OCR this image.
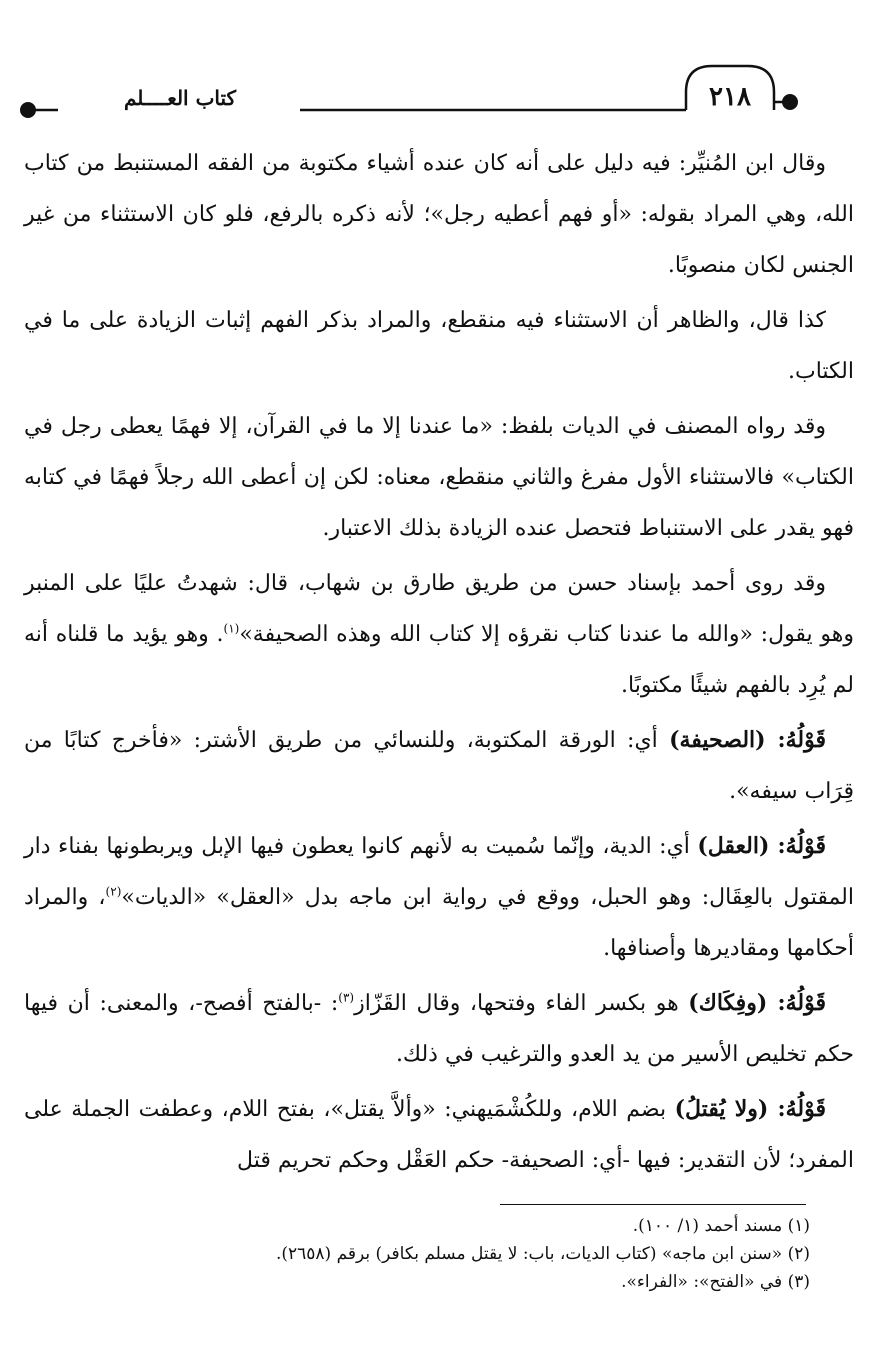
٢١٨
كتاب العــــلم

وقال ابن المُنيِّر: فيه دليل على أنه كان عنده أشياء مكتوبة من الفقه المستنبط من كتاب الله، وهي المراد بقوله: «أو فهم أعطيه رجل»؛ لأنه ذكره بالرفع، فلو كان الاستثناء من غير الجنس لكان منصوبًا.

كذا قال، والظاهر أن الاستثناء فيه منقطع، والمراد بذكر الفهم إثبات الزيادة على ما في الكتاب.

وقد رواه المصنف في الديات بلفظ: «ما عندنا إلا ما في القرآن، إلا فهمًا يعطى رجل في الكتاب» فالاستثناء الأول مفرغ والثاني منقطع، معناه: لكن إن أعطى الله رجلاً فهمًا في كتابه فهو يقدر على الاستنباط فتحصل عنده الزيادة بذلك الاعتبار.

وقد روى أحمد بإسناد حسن من طريق طارق بن شهاب، قال: شهدتُ عليًا على المنبر وهو يقول: «والله ما عندنا كتاب نقرؤه إلا كتاب الله وهذه الصحيفة»$^{(١)}$. وهو يؤيد ما قلناه أنه لم يُرِد بالفهم شيئًا مكتوبًا.

قَوْلُهُ: (الصحيفة) أي: الورقة المكتوبة، وللنسائي من طريق الأشتر: «فأخرج كتابًا من قِرَاب سيفه».

قَوْلُهُ: (العقل) أي: الدية، وإنّما سُميت به لأنهم كانوا يعطون فيها الإبل ويربطونها بفناء دار المقتول بالعِقَال: وهو الحبل، ووقع في رواية ابن ماجه بدل «العقل» «الديات»$^{(٢)}$، والمراد أحكامها ومقاديرها وأصنافها.

قَوْلُهُ: (وفِكَاك) هو بكسر الفاء وفتحها، وقال القَزّاز$^{(٣)}$: -بالفتح أفصح-، والمعنى: أن فيها حكم تخليص الأسير من يد العدو والترغيب في ذلك.

قَوْلُهُ: (ولا يُقتلُ) بضم اللام، وللكُشْمَيهني: «وألاَّ يقتل»، بفتح اللام، وعطفت الجملة على المفرد؛ لأن التقدير: فيها -أي: الصحيفة- حكم العَقْل وحكم تحريم قتل

(١) مسند أحمد (١/ ١٠٠).
(٢) «سنن ابن ماجه» (كتاب الديات، باب: لا يقتل مسلم بكافر) برقم (٢٦٥٨).
(٣) في «الفتح»: «الفراء».
